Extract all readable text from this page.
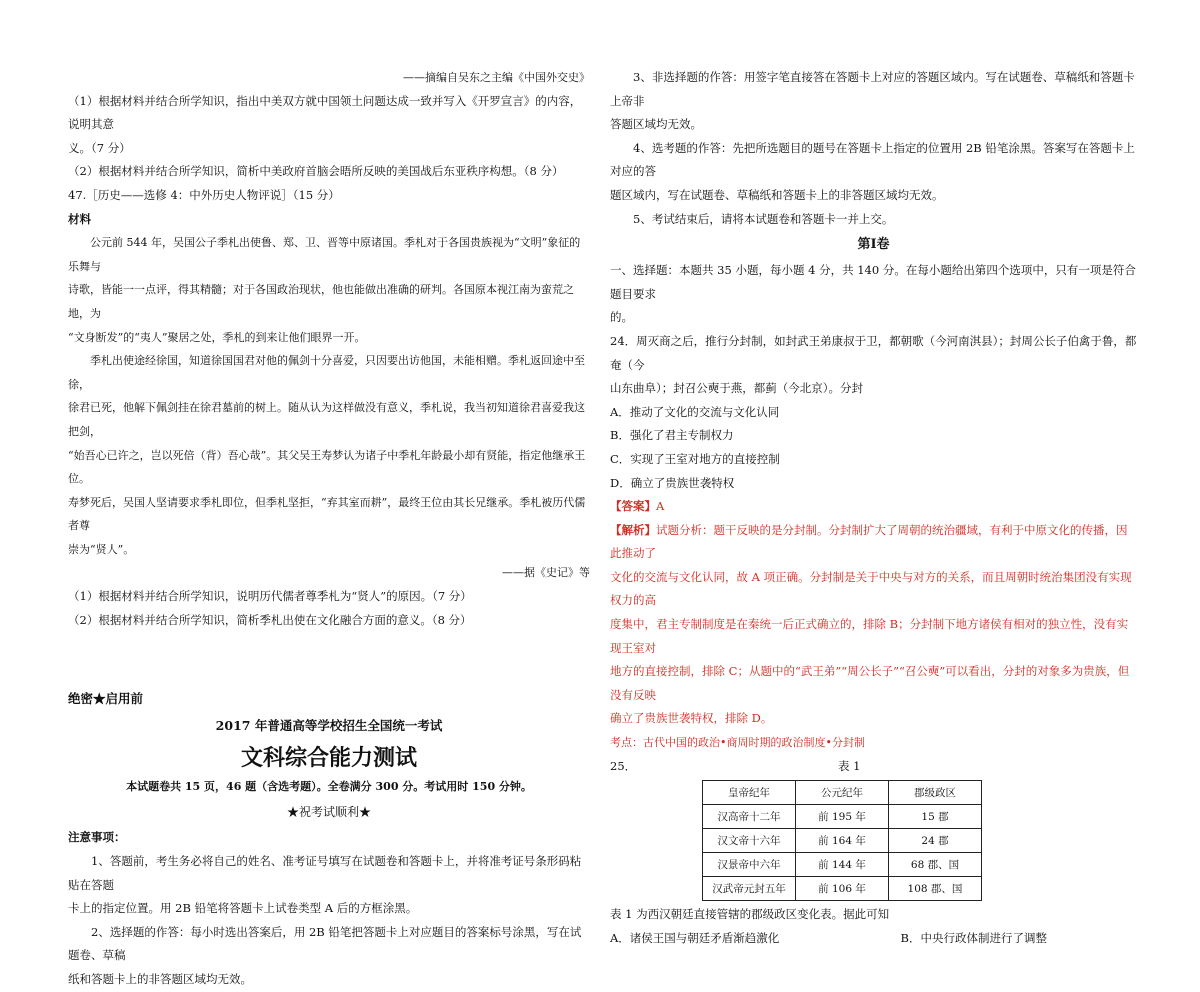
——摘编自吴东之主编《中国外交史》

（1）根据材料并结合所学知识，指出中美双方就中国领土问题达成一致并写入《开罗宣言》的内容，说明其意

义。（7 分）

（2）根据材料并结合所学知识，简析中美政府首脑会晤所反映的美国战后东亚秩序构想。（8 分）

47.［历史——选修 4：中外历史人物评说］（15 分）

材料

公元前 544 年，吴国公子季札出使鲁、郑、卫、晋等中原诸国。季札对于各国贵族视为“文明”象征的乐舞与

诗歌，皆能一一点评，得其精髓；对于各国政治现状，他也能做出准确的研判。各国原本视江南为蛮荒之地，为

“文身断发”的“夷人”聚居之处，季札的到来让他们眼界一开。

季札出使途经徐国，知道徐国国君对他的佩剑十分喜爱，只因要出访他国，未能相赠。季札返回途中至徐，

徐君已死，他解下佩剑挂在徐君墓前的树上。随从认为这样做没有意义，季札说，我当初知道徐君喜爱我这把剑，

“始吾心已许之，岂以死倍（背）吾心哉”。其父吴王寿梦认为诸子中季札年龄最小却有贤能，指定他继承王位。

寿梦死后，吴国人坚请要求季札即位，但季札坚拒，“弃其室而耕”，最终王位由其长兄继承。季札被历代儒者尊

崇为“贤人”。

——据《史记》等

（1）根据材料并结合所学知识，说明历代儒者尊季札为“贤人”的原因。（7 分）

（2）根据材料并结合所学知识，简析季札出使在文化融合方面的意义。（8 分）

绝密★启用前

2017 年普通高等学校招生全国统一考试

文科综合能力测试

本试题卷共 15 页，46 题（含选考题）。全卷满分 300 分。考试用时 150 分钟。

★祝考试顺利★

注意事项：

1、答题前，考生务必将自己的姓名、准考证号填写在试题卷和答题卡上，并将准考证号条形码粘贴在答题

卡上的指定位置。用 2B 铅笔将答题卡上试卷类型 A 后的方框涂黑。

2、选择题的作答：每小时选出答案后，用 2B 铅笔把答题卡上对应题目的答案标号涂黑，写在试题卷、草稿

纸和答题卡上的非答题区域均无效。

3、非选择题的作答：用签字笔直接答在答题卡上对应的答题区域内。写在试题卷、草稿纸和答题卡上帝非

答题区域均无效。

4、选考题的作答：先把所选题目的题号在答题卡上指定的位置用 2B 铅笔涂黑。答案写在答题卡上对应的答

题区域内，写在试题卷、草稿纸和答题卡上的非答题区域均无效。

5、考试结束后，请将本试题卷和答题卡一并上交。

第Ⅰ卷

一、选择题：本题共 35 小题，每小题 4 分，共 140 分。在每小题给出第四个选项中，只有一项是符合题目要求

的。

24．周灭商之后，推行分封制，如封武王弟康叔于卫，都朝歌（今河南淇县）；封周公长子伯禽于鲁，都奄（今

山东曲阜）；封召公奭于燕，都蓟（今北京）。分封

A．推动了文化的交流与文化认同

B．强化了君主专制权力

C．实现了王室对地方的直接控制

D．确立了贵族世袭特权

【答案】A

【解析】试题分析：题干反映的是分封制。分封制扩大了周朝的统治疆域，有利于中原文化的传播，因此推动了

文化的交流与文化认同，故 A 项正确。分封制是关于中央与对方的关系，而且周朝时统治集团没有实现权力的高

度集中，君主专制制度是在秦统一后正式确立的，排除 B；分封制下地方诸侯有相对的独立性，没有实现王室对

地方的直接控制，排除 C；从题中的“武王弟”“周公长子”“召公奭”可以看出，分封的对象多为贵族，但没有反映

确立了贵族世袭特权，排除 D。

考点：古代中国的政治•商周时期的政治制度•分封制

25．	表 1

皇帝纪年	公元纪年	郡级政区
汉高帝十二年	前 195 年	15 郡
汉文帝十六年	前 164 年	24 郡
汉景帝中六年	前 144 年	68 郡、国
汉武帝元封五年	前 106 年	108 郡、国

表 1 为西汉朝廷直接管辖的郡级政区变化表。据此可知

A．诸侯王国与朝廷矛盾渐趋激化	B．中央行政体制进行了调整
